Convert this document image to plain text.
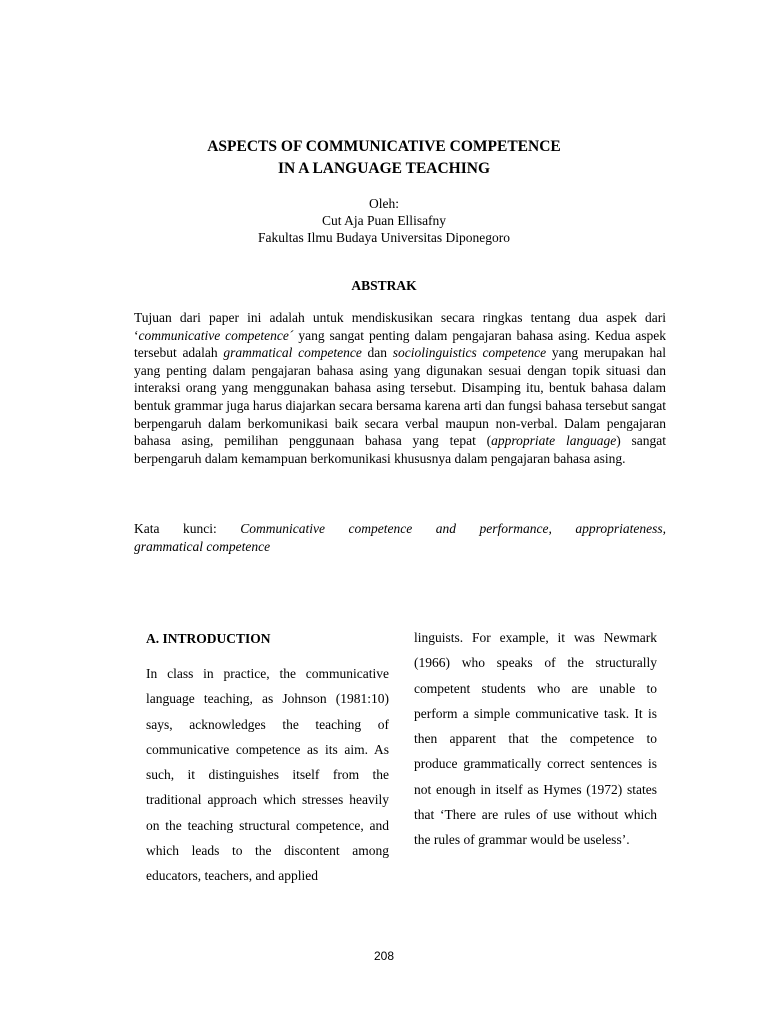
ASPECTS OF COMMUNICATIVE COMPETENCE
IN A LANGUAGE TEACHING
Oleh:
Cut Aja Puan Ellisafny
Fakultas Ilmu Budaya Universitas Diponegoro
ABSTRAK

Tujuan dari paper ini adalah untuk mendiskusikan secara ringkas tentang dua aspek dari ‘communicative competence´ yang sangat penting dalam pengajaran bahasa asing. Kedua aspek tersebut adalah grammatical competence dan sociolinguistics competence yang merupakan hal yang penting dalam pengajaran bahasa asing yang digunakan sesuai dengan topik situasi dan interaksi orang yang menggunakan bahasa asing tersebut. Disamping itu, bentuk bahasa dalam bentuk grammar juga harus diajarkan secara bersama karena arti dan fungsi bahasa tersebut sangat berpengaruh dalam berkomunikasi baik secara verbal maupun non-verbal. Dalam pengajaran bahasa asing, pemilihan penggunaan bahasa yang tepat (appropriate language) sangat berpengaruh dalam kemampuan berkomunikasi khususnya dalam pengajaran bahasa asing.

Kata kunci: Communicative competence and performance, appropriateness,
grammatical competence

A. INTRODUCTION

In class in practice, the communicative language teaching, as Johnson (1981:10) says, acknowledges the teaching of communicative competence as its aim. As such, it distinguishes itself from the traditional approach which stresses heavily on the teaching structural competence, and which leads to the discontent among educators, teachers, and applied

linguists. For example, it was Newmark (1966) who speaks of the structurally competent students who are unable to perform a simple communicative task. It is then apparent that the competence to produce grammatically correct sentences is not enough in itself as Hymes (1972) states that ‘There are rules of use without which the rules of grammar would be useless’.

208
